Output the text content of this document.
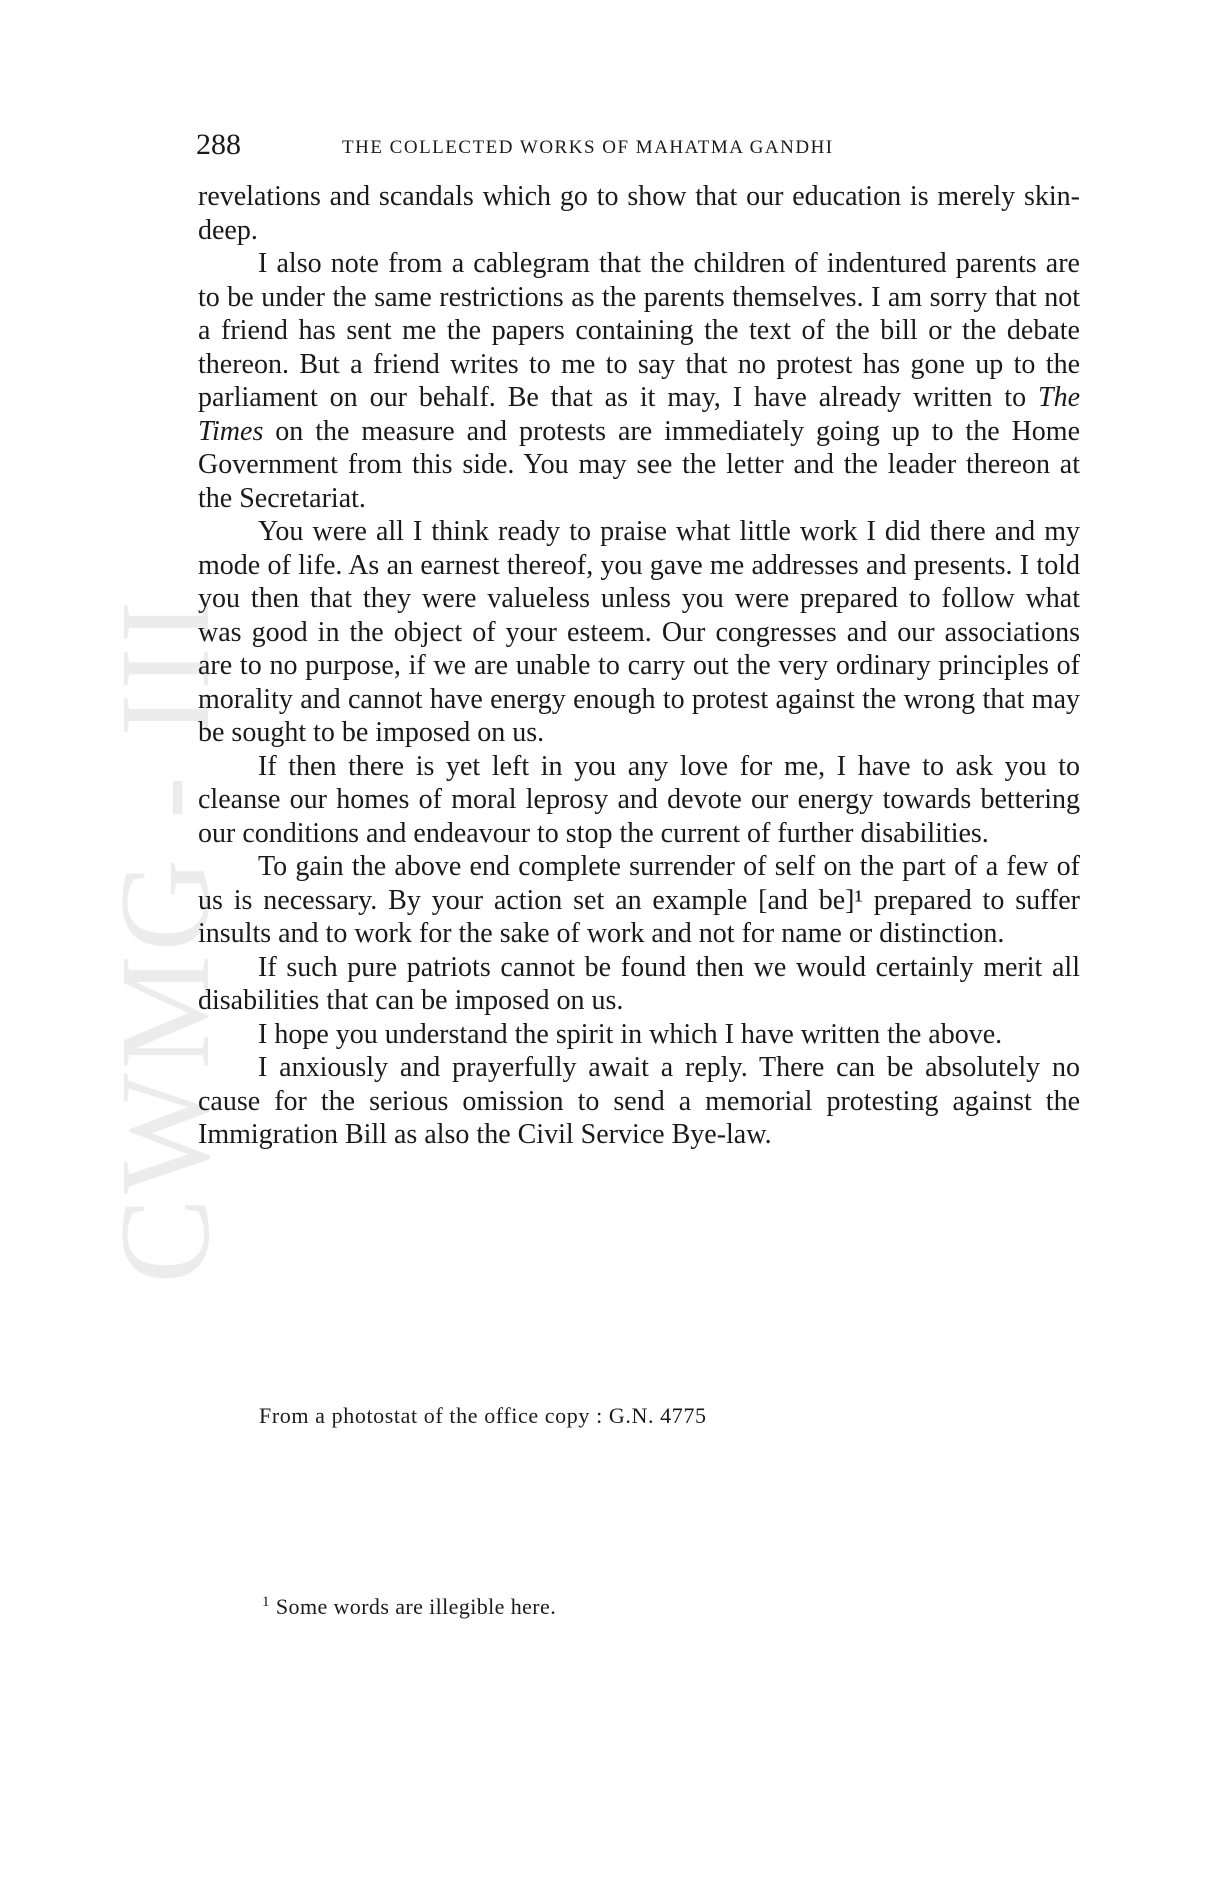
CWMG - III
288	THE COLLECTED WORKS OF MAHATMA GANDHI

revelations and scandals which go to show that our education is merely skin-deep.

I also note from a cablegram that the children of indentured parents are to be under the same restrictions as the parents themselves. I am sorry that not a friend has sent me the papers containing the text of the bill or the debate thereon. But a friend writes to me to say that no protest has gone up to the parliament on our behalf. Be that as it may, I have already written to The Times on the measure and protests are immediately going up to the Home Government from this side. You may see the letter and the leader thereon at the Secretariat.

You were all I think ready to praise what little work I did there and my mode of life. As an earnest thereof, you gave me addresses and presents. I told you then that they were valueless unless you were prepared to follow what was good in the object of your esteem. Our congresses and our associations are to no purpose, if we are unable to carry out the very ordinary principles of morality and cannot have energy enough to protest against the wrong that may be sought to be imposed on us.

If then there is yet left in you any love for me, I have to ask you to cleanse our homes of moral leprosy and devote our energy towards bettering our conditions and endeavour to stop the current of further disabilities.

To gain the above end complete surrender of self on the part of a few of us is necessary. By your action set an example [and be]¹ prepared to suffer insults and to work for the sake of work and not for name or distinction.

If such pure patriots cannot be found then we would certainly merit all disabilities that can be imposed on us.

I hope you understand the spirit in which I have written the above.

I anxiously and prayerfully await a reply. There can be absolutely no cause for the serious omission to send a memorial protesting against the Immigration Bill as also the Civil Service Bye-law.

From a photostat of the office copy : G.N. 4775
$^1$ Some words are illegible here.
